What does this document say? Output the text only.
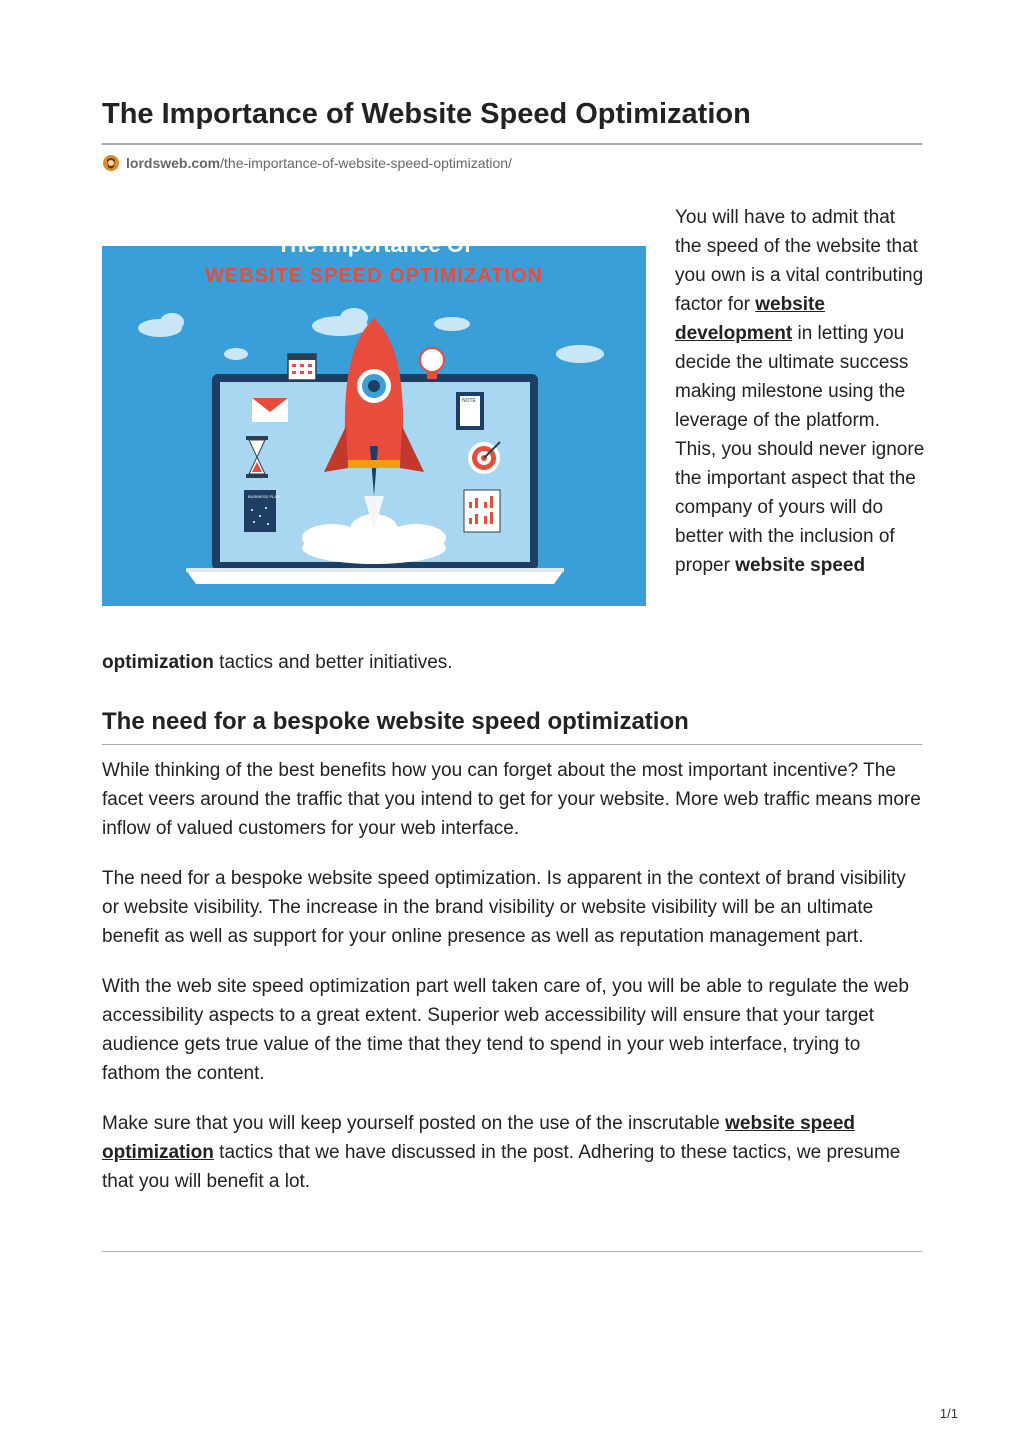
The Importance of Website Speed Optimization
lordsweb.com /the-importance-of-website-speed-optimization/
The Importance Of
WEBSITE SPEED OPTIMIZATION
BUSINESS PLAN
NOTE
You will have to admit that the speed of the website that you own is a vital contributing factor for website development in letting you decide the ultimate success making milestone using the leverage of the platform. This, you should never ignore the important aspect that the company of yours will do better with the inclusion of proper website speed
optimization tactics and better initiatives.
The need for a bespoke website speed optimization

While thinking of the best benefits how you can forget about the most important incentive? The facet veers around the traffic that you intend to get for your website. More web traffic means more inflow of valued customers for your web interface.

The need for a bespoke website speed optimization. Is apparent in the context of brand visibility or website visibility. The increase in the brand visibility or website visibility will be an ultimate benefit as well as support for your online presence as well as reputation management part.

With the web site speed optimization part well taken care of, you will be able to regulate the web accessibility aspects to a great extent. Superior web accessibility will ensure that your target audience gets true value of the time that they tend to spend in your web interface, trying to fathom the content.

Make sure that you will keep yourself posted on the use of the inscrutable website speed optimization tactics that we have discussed in the post. Adhering to these tactics, we presume that you will benefit a lot.

1/1
